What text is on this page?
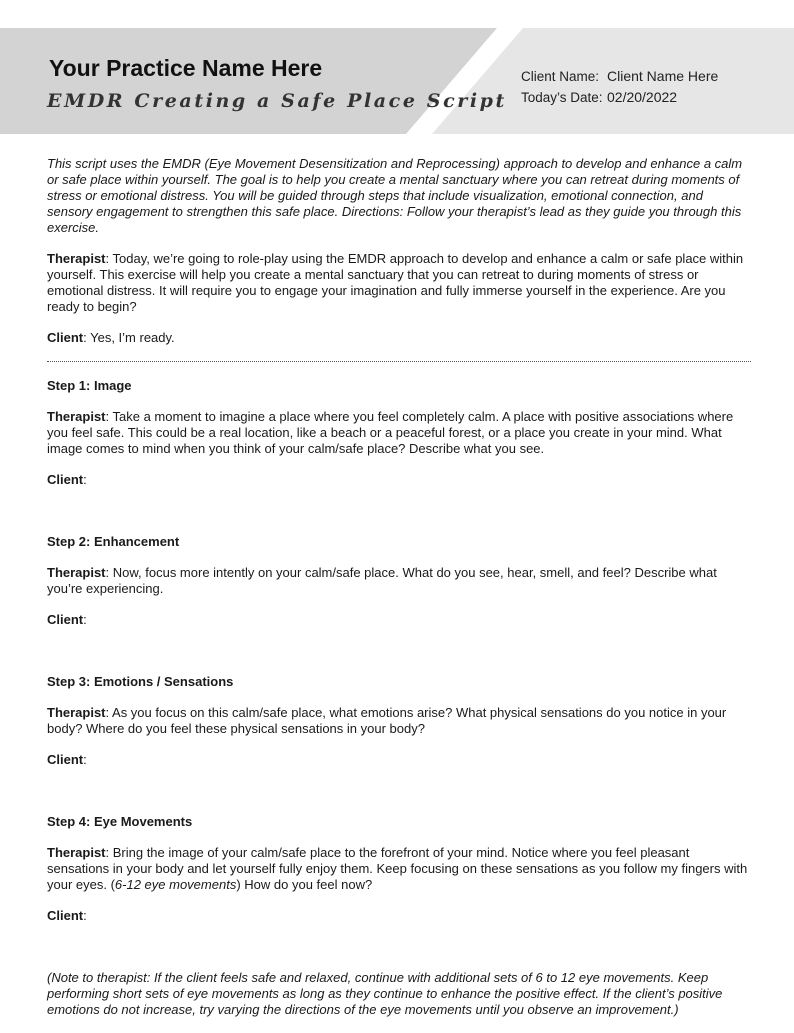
Your Practice Name Here
EMDR Creating a Safe Place Script
Client Name: Client Name Here
Today’s Date: 02/20/2022

This script uses the EMDR (Eye Movement Desensitization and Reprocessing) approach to develop and enhance a calm or safe place within yourself. The goal is to help you create a mental sanctuary where you can retreat during moments of stress or emotional distress. You will be guided through steps that include visualization, emotional connection, and sensory engagement to strengthen this safe place. Directions: Follow your therapist’s lead as they guide you through this exercise.

Therapist: Today, we’re going to role-play using the EMDR approach to develop and enhance a calm or safe place within yourself. This exercise will help you create a mental sanctuary that you can retreat to during moments of stress or emotional distress. It will require you to engage your imagination and fully immerse yourself in the experience. Are you ready to begin?

Client: Yes, I’m ready.

Step 1: Image

Therapist: Take a moment to imagine a place where you feel completely calm. A place with positive associations where you feel safe. This could be a real location, like a beach or a peaceful forest, or a place you create in your mind. What image comes to mind when you think of your calm/safe place? Describe what you see.

Client:

Step 2: Enhancement

Therapist: Now, focus more intently on your calm/safe place. What do you see, hear, smell, and feel? Describe what you’re experiencing.

Client:

Step 3: Emotions / Sensations

Therapist: As you focus on this calm/safe place, what emotions arise? What physical sensations do you notice in your body? Where do you feel these physical sensations in your body?

Client:

Step 4: Eye Movements

Therapist: Bring the image of your calm/safe place to the forefront of your mind. Notice where you feel pleasant sensations in your body and let yourself fully enjoy them. Keep focusing on these sensations as you follow my fingers with your eyes. (6-12 eye movements) How do you feel now?

Client:

(Note to therapist: If the client feels safe and relaxed, continue with additional sets of 6 to 12 eye movements. Keep performing short sets of eye movements as long as they continue to enhance the positive effect. If the client’s positive emotions do not increase, try varying the directions of the eye movements until you observe an improvement.)
